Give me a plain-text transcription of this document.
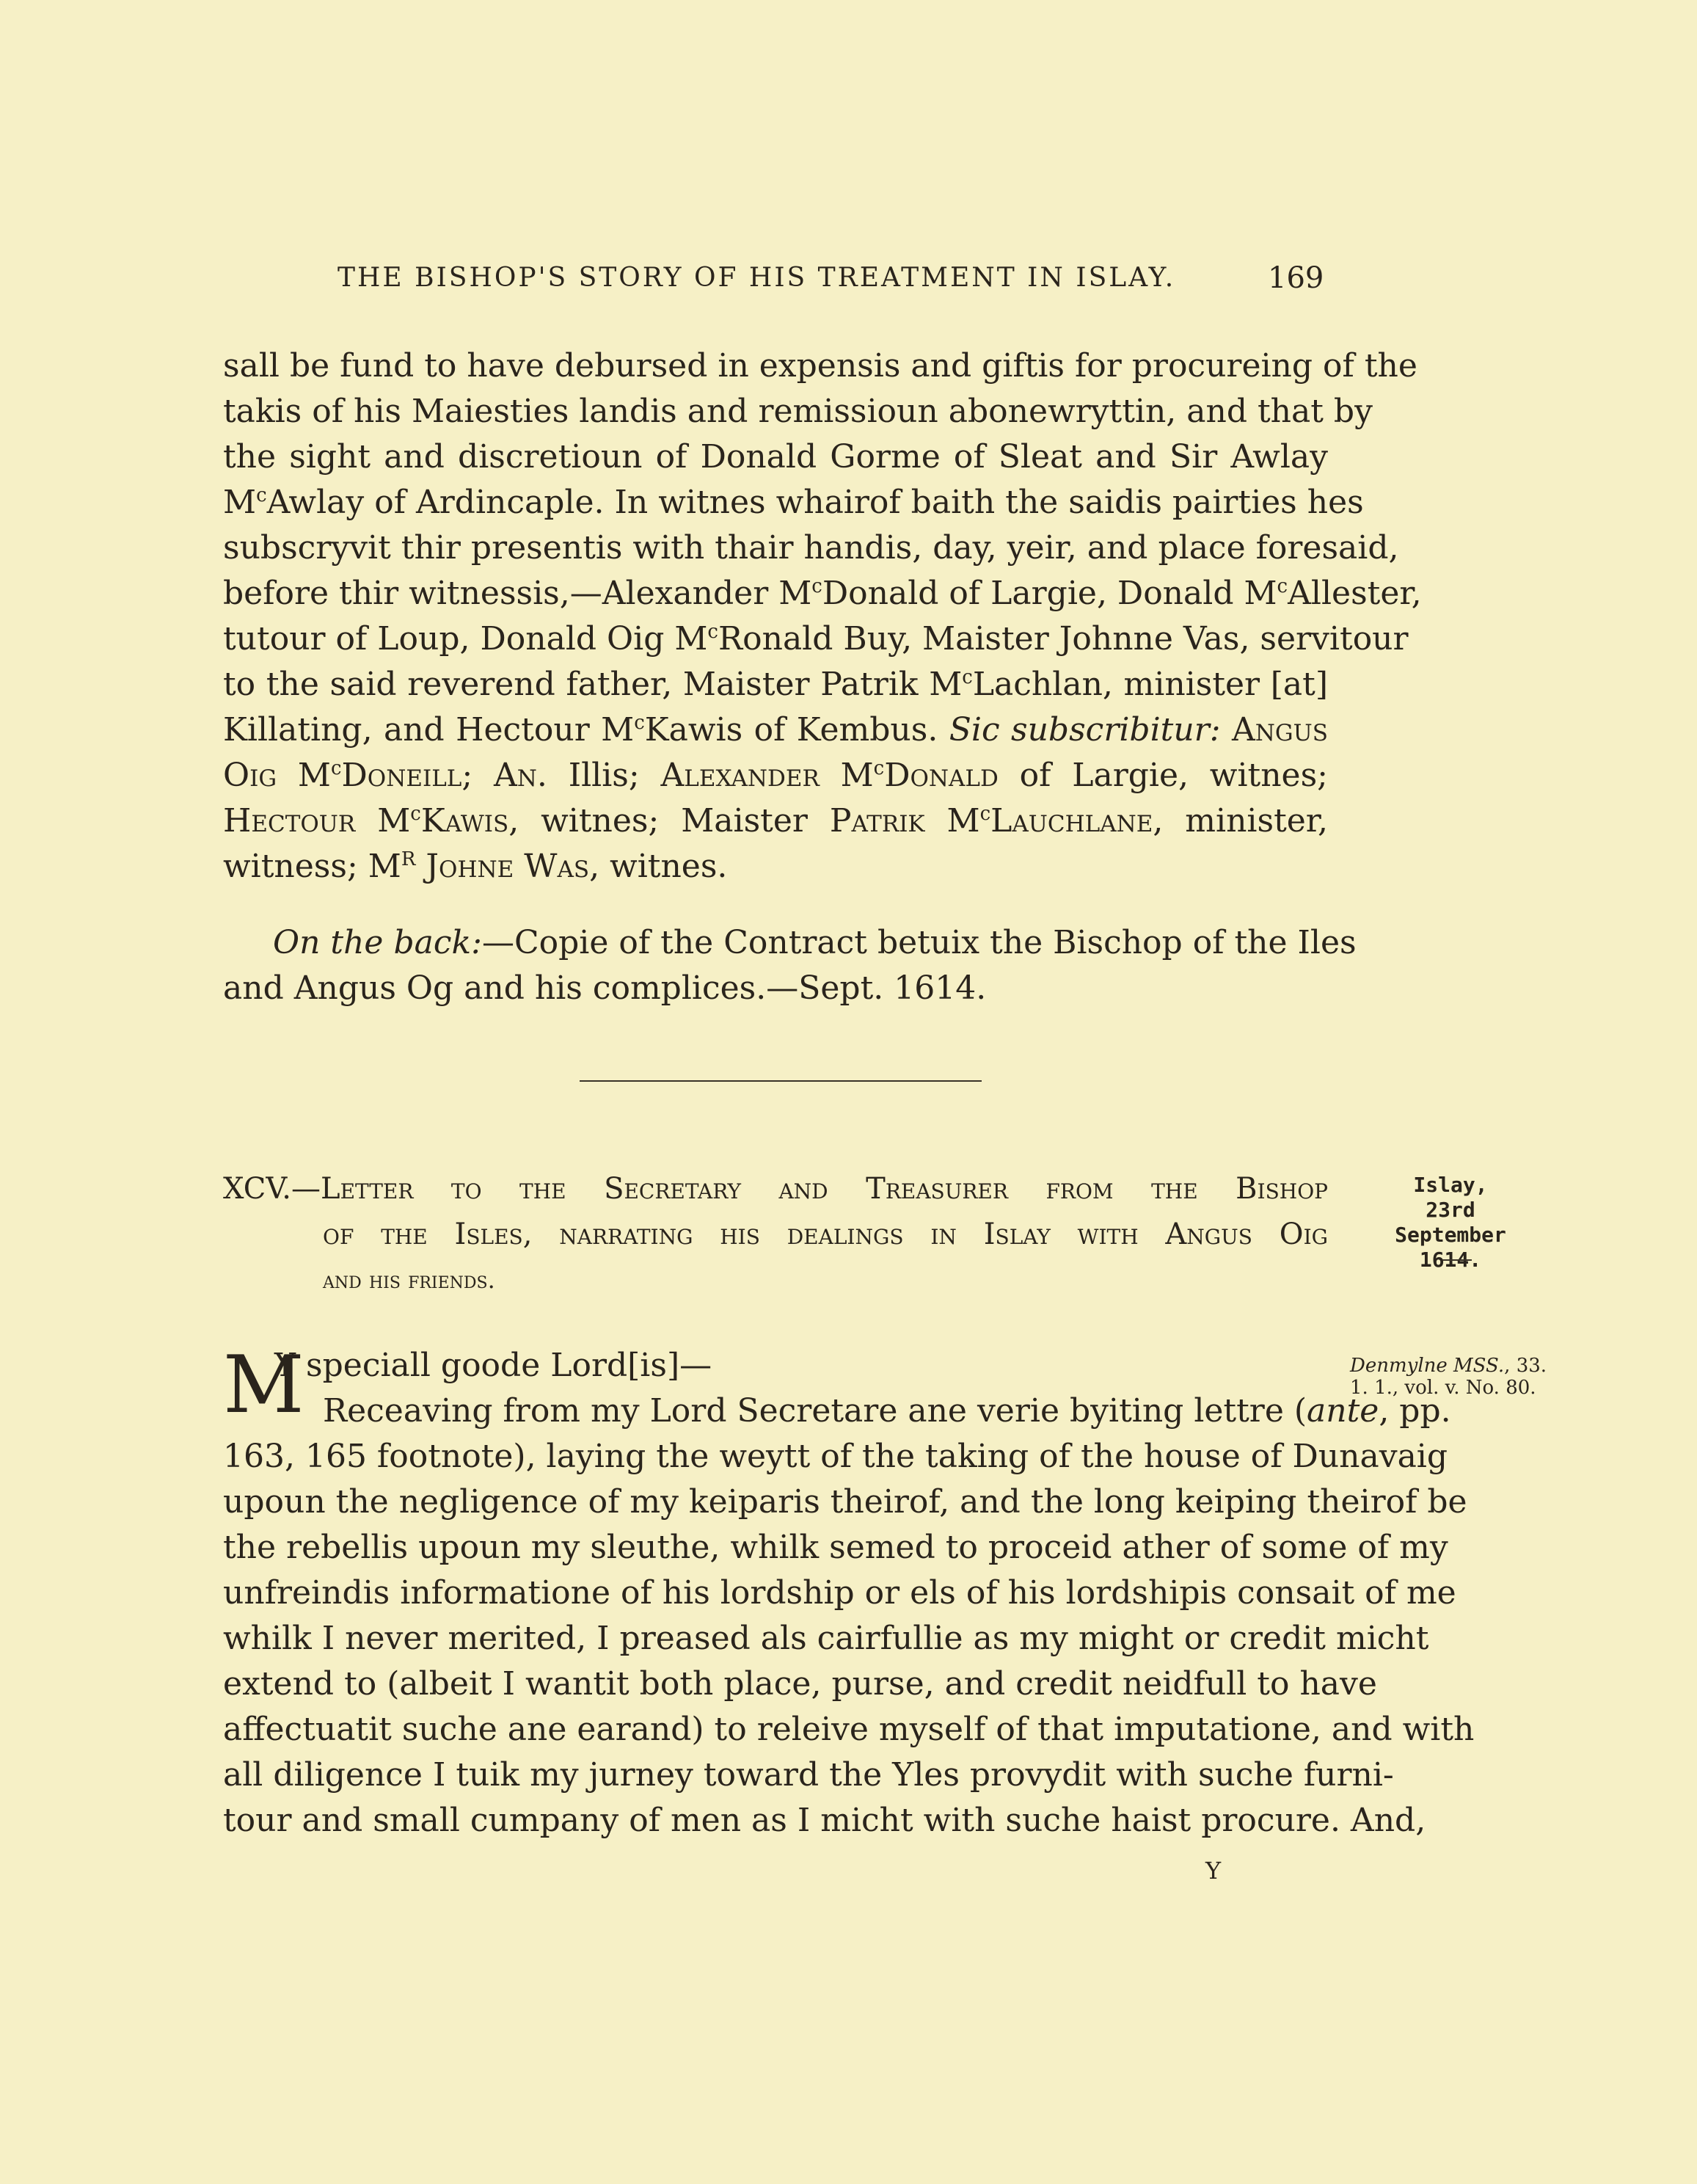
THE BISHOP'S STORY OF HIS TREATMENT IN ISLAY.	169
sall be fund to have debursed in expensis and giftis for procureing of the
takis of his Maiesties landis and remissioun abonewryttin, and that by
the sight and discretioun of Donald Gorme of Sleat and Sir Awlay
$M^cAwlay$ of Ardincaple. In witnes whairof baith the saidis pairties hes
subscryvit thir presentis with thair handis, day, yeir, and place foresaid,
before thir witnessis,—Alexander $M^cDonald$ of Largie, Donald $M^cAllester$,
tutour of Loup, Donald Oig $M^cRonald$ Buy, Maister Johnne Vas, servitour
to the said reverend father, Maister Patrik $M^cLachlan$, minister [at]
Killating, and Hectour $M^cKawis$ of Kembus. Sic subscribitur: Angus
Oig $M^cDoneill$; An. Illis; Alexander $M^cDonald$ of Largie, witnes;
Hectour $M^cKawis$, witnes; Maister Patrik $M^cLauchlane$, minister,
witness; $M^R$ Johne Was, witnes.
On the back:—Copie of the Contract betuix the Bischop of the Iles
and Angus Og and his complices.—Sept. 1614.
XCV.—Letter to the Secretary and Treasurer from the Bishop
of the Isles, narrating his dealings in Islay with Angus Oig
and his friends.
Islay,
23rd September
1614.
Denmylne MSS., 33.
1. 1., vol. v. No. 80.
M
Y speciall goode Lord[is]—
Receaving from my Lord Secretare ane verie byiting lettre (ante, pp.
163, 165 footnote), laying the weytt of the taking of the house of Dunavaig
upoun the negligence of my keiparis theirof, and the long keiping theirof be
the rebellis upoun my sleuthe, whilk semed to proceid ather of some of my
unfreindis informatione of his lordship or els of his lordshipis consait of me
whilk I never merited, I preased als cairfullie as my might or credit micht
extend to (albeit I wantit both place, purse, and credit neidfull to have
affectuatit suche ane earand) to releive myself of that imputatione, and with
all diligence I tuik my jurney toward the Yles provydit with suche furni-
tour and small cumpany of men as I micht with suche haist procure. And,
Y
